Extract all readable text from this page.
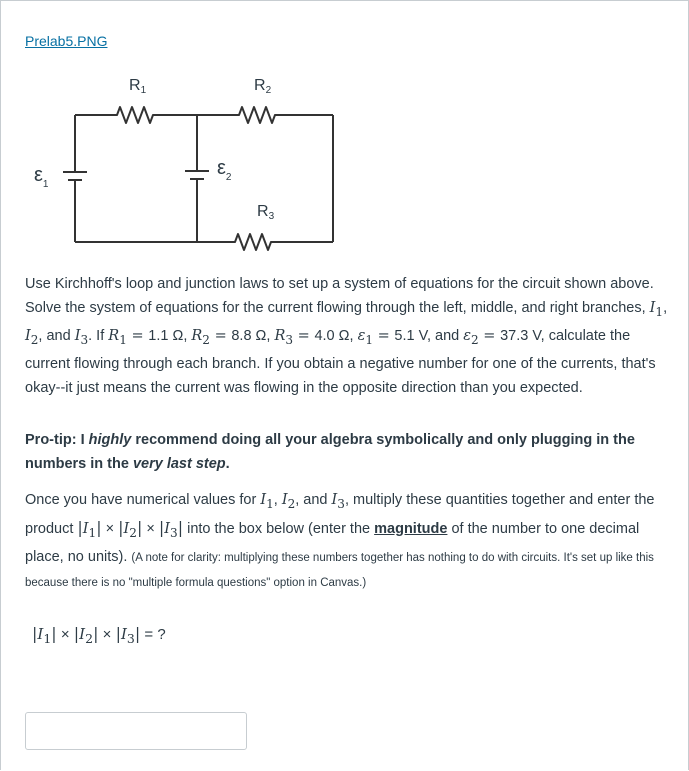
Prelab5.PNG
R1	R2
R3
$\varepsilon_1$
$\varepsilon_2$

Use Kirchhoff's loop and junction laws to set up a system of equations for the circuit shown above. Solve the system of equations for the current flowing through the left, middle, and right branches, $I_1$, $I_2$, and $I_3$. If $R_1 = 1.1$ Ω, $R_2 = 8.8$ Ω, $R_3 = 4.0$ Ω, $\varepsilon_1 = 5.1$ V, and $\varepsilon_2 = 37.3$ V, calculate the current flowing through each branch. If you obtain a negative number for one of the currents, that's okay--it just means the current was flowing in the opposite direction than you expected.

Pro-tip: I highly recommend doing all your algebra symbolically and only plugging in the numbers in the very last step.

Once you have numerical values for $I_1$, $I_2$, and $I_3$, multiply these quantities together and enter the product $|I_1| \times |I_2| \times |I_3|$ into the box below (enter the magnitude of the number to one decimal place, no units). (A note for clarity: multiplying these numbers together has nothing to do with circuits. It's set up like this because there is no "multiple formula questions" option in Canvas.)

$|I_1| \times |I_2| \times |I_3|$ = ?
